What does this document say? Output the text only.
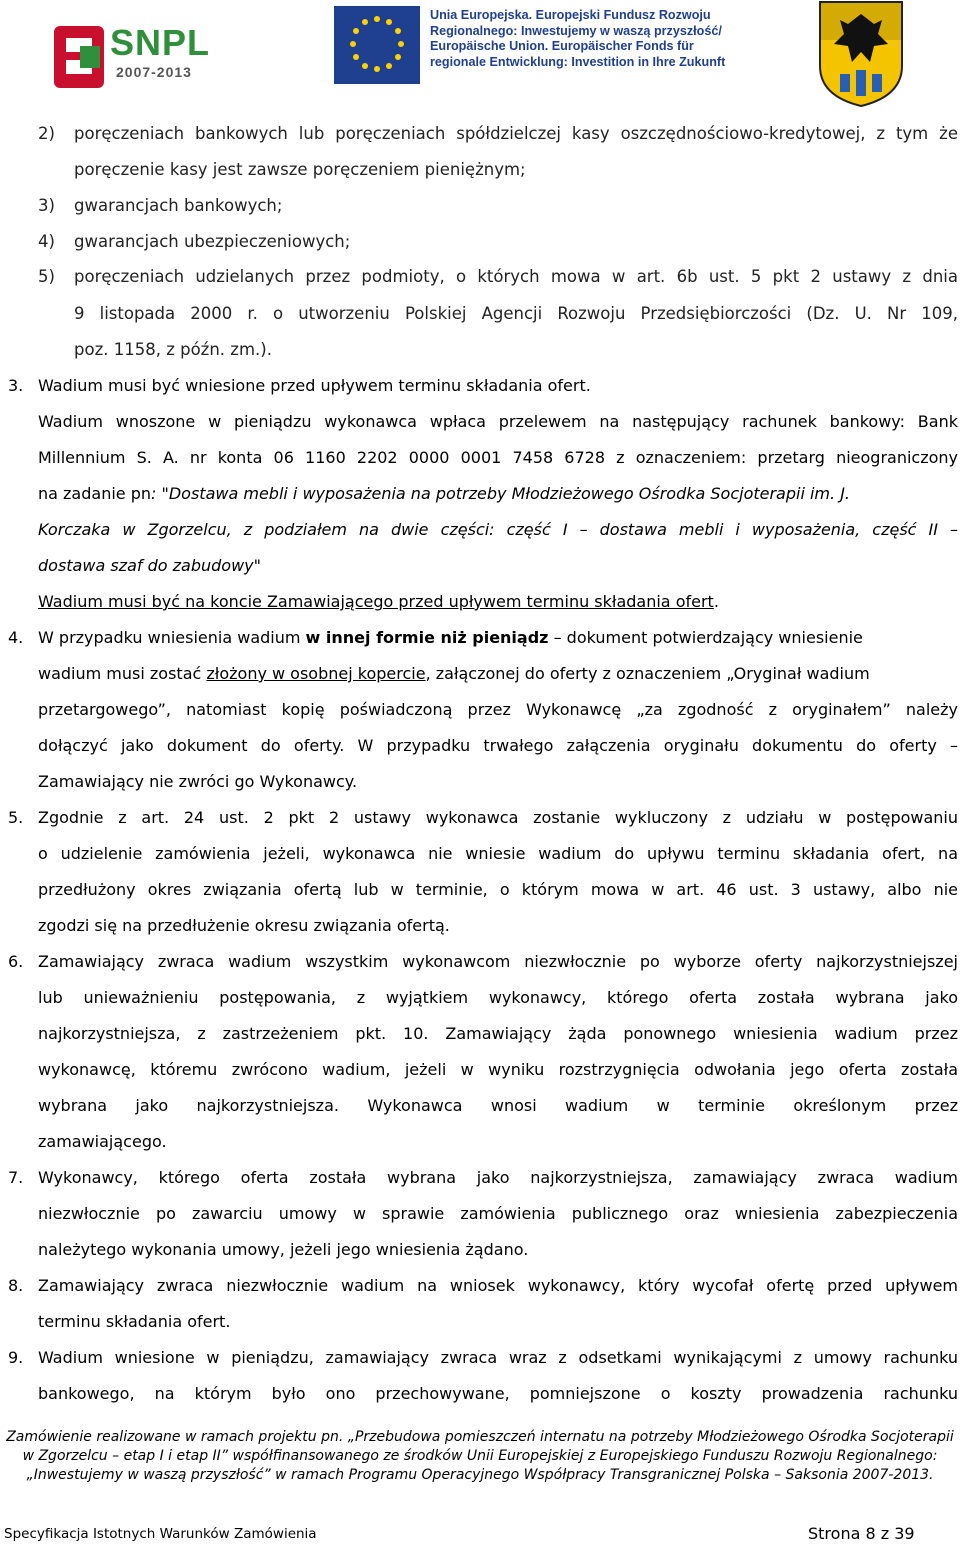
SNPL
2007-2013
Unia Europejska. Europejski Fundusz Rozwoju
Regionalnego: Inwestujemy w waszą przyszłość/
Europäische Union. Europäischer Fonds für
regionale Entwicklung: Investition in Ihre Zukunft
2) poręczeniach bankowych lub poręczeniach spółdzielczej kasy oszczędnościowo-kredytowej, z tym że
poręczenie kasy jest zawsze poręczeniem pieniężnym;
3) gwarancjach bankowych;
4) gwarancjach ubezpieczeniowych;
5) poręczeniach udzielanych przez podmioty, o których mowa w art. 6b ust. 5 pkt 2 ustawy z dnia
9 listopada 2000 r. o utworzeniu Polskiej Agencji Rozwoju Przedsiębiorczości (Dz. U. Nr 109,
poz. 1158, z późn. zm.).
3. Wadium musi być wniesione przed upływem terminu składania ofert.
Wadium wnoszone w pieniądzu wykonawca wpłaca przelewem na następujący rachunek bankowy: Bank
Millennium S. A. nr konta 06 1160 2202 0000 0001 7458 6728 z oznaczeniem: przetarg nieograniczony
na zadanie pn: "Dostawa mebli i wyposażenia na potrzeby Młodzieżowego Ośrodka Socjoterapii im. J.
Korczaka w Zgorzelcu, z podziałem na dwie części: część I – dostawa mebli i wyposażenia, część II –
dostawa szaf do zabudowy"
Wadium musi być na koncie Zamawiającego przed upływem terminu składania ofert.
4. W przypadku wniesienia wadium w innej formie niż pieniądz – dokument potwierdzający wniesienie
wadium musi zostać złożony w osobnej kopercie, załączonej do oferty z oznaczeniem „Oryginał wadium
przetargowego”, natomiast kopię poświadczoną przez Wykonawcę „za zgodność z oryginałem” należy
dołączyć jako dokument do oferty. W przypadku trwałego załączenia oryginału dokumentu do oferty –
Zamawiający nie zwróci go Wykonawcy.
5. Zgodnie z art. 24 ust. 2 pkt 2 ustawy wykonawca zostanie wykluczony z udziału w postępowaniu
o udzielenie zamówienia jeżeli, wykonawca nie wniesie wadium do upływu terminu składania ofert, na
przedłużony okres związania ofertą lub w terminie, o którym mowa w art. 46 ust. 3 ustawy, albo nie
zgodzi się na przedłużenie okresu związania ofertą.
6. Zamawiający zwraca wadium wszystkim wykonawcom niezwłocznie po wyborze oferty najkorzystniejszej
lub unieważnieniu postępowania, z wyjątkiem wykonawcy, którego oferta została wybrana jako
najkorzystniejsza, z zastrzeżeniem pkt. 10. Zamawiający żąda ponownego wniesienia wadium przez
wykonawcę, któremu zwrócono wadium, jeżeli w wyniku rozstrzygnięcia odwołania jego oferta została
wybrana jako najkorzystniejsza. Wykonawca wnosi wadium w terminie określonym przez
zamawiającego.
7. Wykonawcy, którego oferta została wybrana jako najkorzystniejsza, zamawiający zwraca wadium
niezwłocznie po zawarciu umowy w sprawie zamówienia publicznego oraz wniesienia zabezpieczenia
należytego wykonania umowy, jeżeli jego wniesienia żądano.
8. Zamawiający zwraca niezwłocznie wadium na wniosek wykonawcy, który wycofał ofertę przed upływem
terminu składania ofert.
9. Wadium wniesione w pieniądzu, zamawiający zwraca wraz z odsetkami wynikającymi z umowy rachunku
bankowego, na którym było ono przechowywane, pomniejszone o koszty prowadzenia rachunku
Zamówienie realizowane w ramach projektu pn. „Przebudowa pomieszczeń internatu na potrzeby Młodzieżowego Ośrodka Socjoterapii
w Zgorzelcu – etap I i etap II” współfinansowanego ze środków Unii Europejskiej z Europejskiego Funduszu Rozwoju Regionalnego:
„Inwestujemy w waszą przyszłość” w ramach Programu Operacyjnego Współpracy Transgranicznej Polska – Saksonia 2007-2013.
Specyfikacja Istotnych Warunków Zamówienia	Strona 8 z 39
